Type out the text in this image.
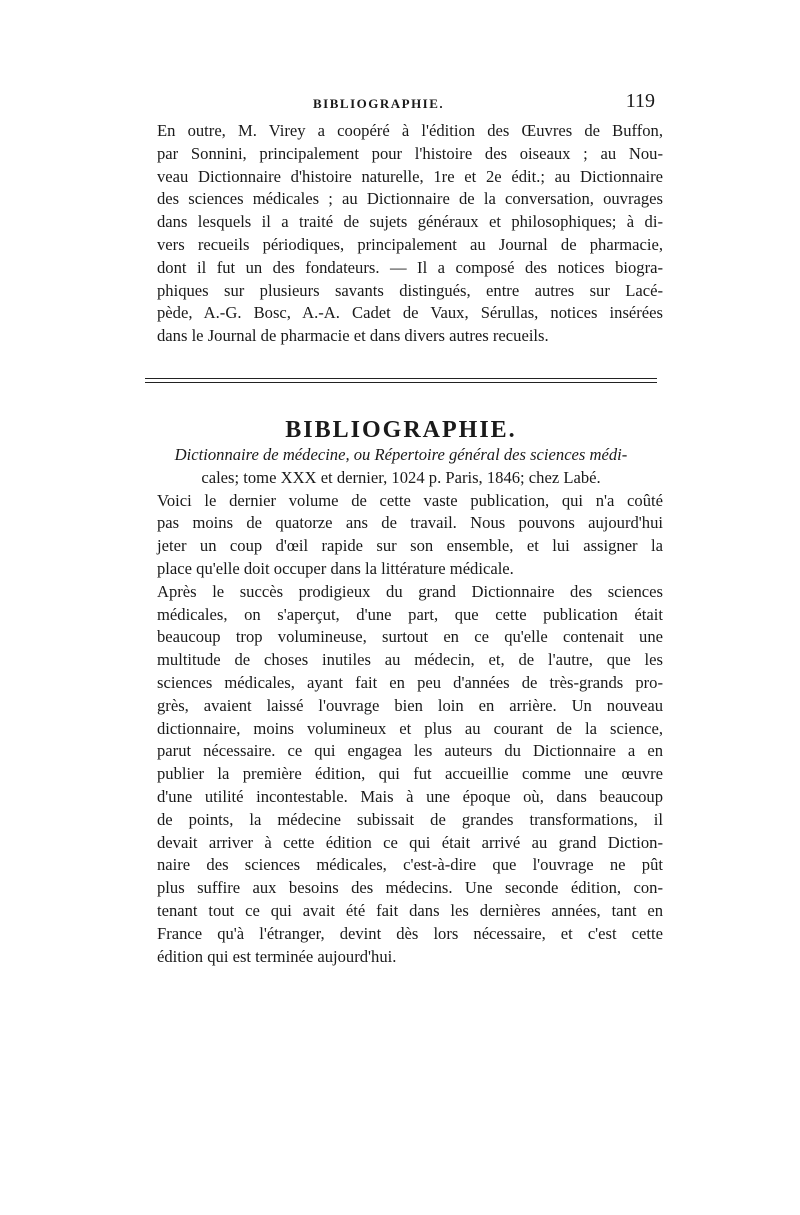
BIBLIOGRAPHIE.	119

En outre, M. Virey a coopéré à l'édition des Œuvres de Buffon,
par Sonnini, principalement pour l'histoire des oiseaux ; au Nou-
veau Dictionnaire d'histoire naturelle, 1re et 2e édit.; au Dictionnaire
des sciences médicales ; au Dictionnaire de la conversation, ouvrages
dans lesquels il a traité de sujets généraux et philosophiques; à di-
vers recueils périodiques, principalement au Journal de pharmacie,
dont il fut un des fondateurs. — Il a composé des notices biogra-
phiques sur plusieurs savants distingués, entre autres sur Lacé-
pède, A.-G. Bosc, A.-A. Cadet de Vaux, Sérullas, notices insérées
dans le Journal de pharmacie et dans divers autres recueils.

BIBLIOGRAPHIE.

Dictionnaire de médecine, ou Répertoire général des sciences médi-
cales; tome XXX et dernier, 1024 p. Paris, 1846; chez Labé.

Voici le dernier volume de cette vaste publication, qui n'a coûté
pas moins de quatorze ans de travail. Nous pouvons aujourd'hui
jeter un coup d'œil rapide sur son ensemble, et lui assigner la
place qu'elle doit occuper dans la littérature médicale.

Après le succès prodigieux du grand Dictionnaire des sciences
médicales, on s'aperçut, d'une part, que cette publication était
beaucoup trop volumineuse, surtout en ce qu'elle contenait une
multitude de choses inutiles au médecin, et, de l'autre, que les
sciences médicales, ayant fait en peu d'années de très-grands pro-
grès, avaient laissé l'ouvrage bien loin en arrière. Un nouveau
dictionnaire, moins volumineux et plus au courant de la science,
parut nécessaire. ce qui engagea les auteurs du Dictionnaire a en
publier la première édition, qui fut accueillie comme une œuvre
d'une utilité incontestable. Mais à une époque où, dans beaucoup
de points, la médecine subissait de grandes transformations, il
devait arriver à cette édition ce qui était arrivé au grand Diction-
naire des sciences médicales, c'est-à-dire que l'ouvrage ne pût
plus suffire aux besoins des médecins. Une seconde édition, con-
tenant tout ce qui avait été fait dans les dernières années, tant en
France qu'à l'étranger, devint dès lors nécessaire, et c'est cette
édition qui est terminée aujourd'hui.
